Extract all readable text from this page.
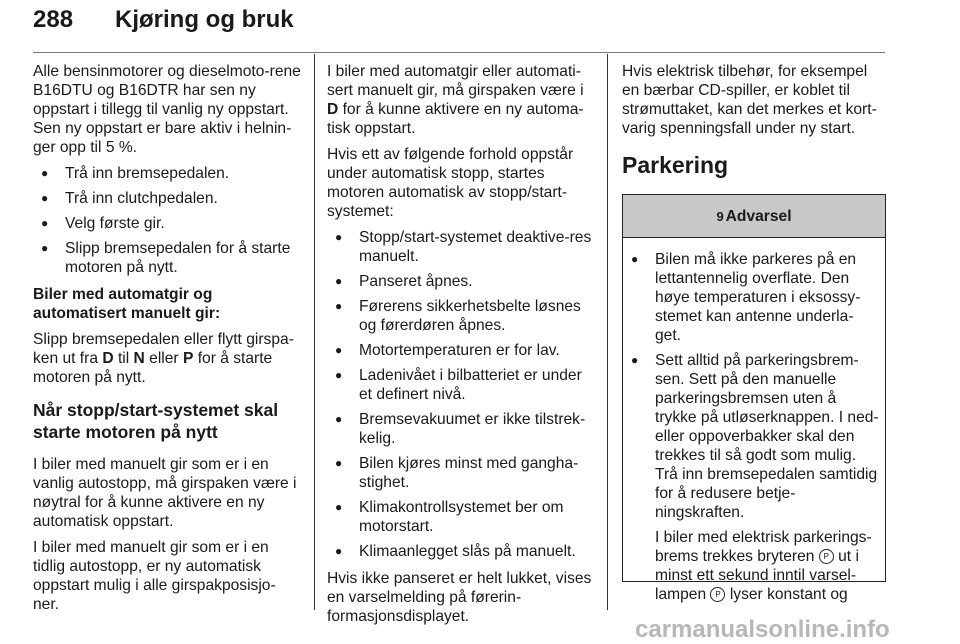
288 Kjøring og bruk

Alle bensinmotorer og dieselmoto-rene B16DTU og B16DTR har sen ny oppstart i tillegg til vanlig ny oppstart. Sen ny oppstart er bare aktiv i helnin-ger opp til 5 %.

● Trå inn bremsepedalen.
● Trå inn clutchpedalen.
● Velg første gir.
● Slipp bremsepedalen for å starte motoren på nytt.

Biler med automatgir og automatisert manuelt gir:

Slipp bremsepedalen eller flytt girspa-ken ut fra D til N eller P for å starte motoren på nytt.

Når stopp/start-systemet skal starte motoren på nytt

I biler med manuelt gir som er i en vanlig autostopp, må girspaken være i nøytral for å kunne aktivere en ny automatisk oppstart.

I biler med manuelt gir som er i en tidlig autostopp, er ny automatisk oppstart mulig i alle girspakposisjo-ner.

I biler med automatgir eller automati-sert manuelt gir, må girspaken være i D for å kunne aktivere en ny automa-tisk oppstart.

Hvis ett av følgende forhold oppstår under automatisk stopp, startes motoren automatisk av stopp/start-systemet:

● Stopp/start-systemet deaktive-res manuelt.
● Panseret åpnes.
● Førerens sikkerhetsbelte løsnes og førerdøren åpnes.
● Motortemperaturen er for lav.
● Ladenivået i bilbatteriet er under et definert nivå.
● Bremsevakuumet er ikke tilstrek-kelig.
● Bilen kjøres minst med gangha-stighet.
● Klimakontrollsystemet ber om motorstart.
● Klimaanlegget slås på manuelt.

Hvis ikke panseret er helt lukket, vises en varselmelding på førerin-formasjonsdisplayet.

Hvis elektrisk tilbehør, for eksempel en bærbar CD-spiller, er koblet til strømuttaket, kan det merkes et kort-varig spenningsfall under ny start.

Parkering
9 Advarsel
● Bilen må ikke parkeres på en lettantennelig overflate. Den høye temperaturen i eksossy-stemet kan antenne underla-get.
● Sett alltid på parkeringsbrem-sen. Sett på den manuelle parkeringsbremsen uten å trykke på utløserknappen. I ned- eller oppoverbakker skal den trekkes til så godt som mulig. Trå inn bremsepedalen samtidig for å redusere betje-ningskraften.

I biler med elektrisk parkerings-brems trekkes bryteren P ut i minst ett sekund inntil varsel-lampen P lyser konstant og

carmanualsonline.info
